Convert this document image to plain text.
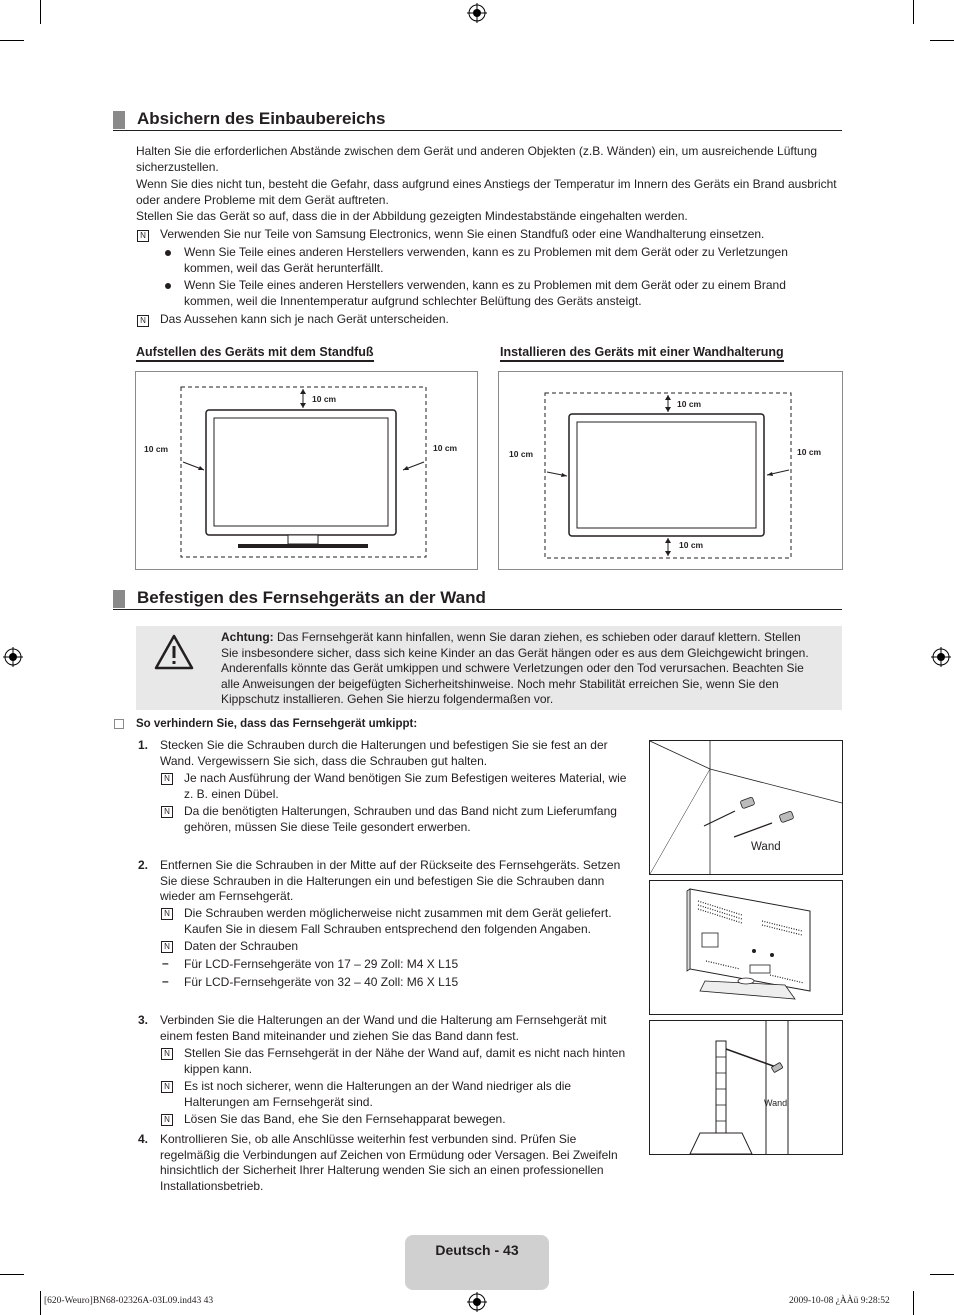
Absichern des Einbaubereichs
Halten Sie die erforderlichen Abstände zwischen dem Gerät und anderen Objekten (z.B. Wänden) ein, um ausreichende Lüftung sicherzustellen.
Wenn Sie dies nicht tun, besteht die Gefahr, dass aufgrund eines Anstiegs der Temperatur im Innern des Geräts ein Brand ausbricht oder andere Probleme mit dem Gerät auftreten.
Stellen Sie das Gerät so auf, dass die in der Abbildung gezeigten Mindestabstände eingehalten werden.
N Verwenden Sie nur Teile von Samsung Electronics, wenn Sie einen Standfuß oder eine Wandhalterung einsetzen.
Wenn Sie Teile eines anderen Herstellers verwenden, kann es zu Problemen mit dem Gerät oder zu Verletzungen kommen, weil das Gerät herunterfällt.
Wenn Sie Teile eines anderen Herstellers verwenden, kann es zu Problemen mit dem Gerät oder zu einem Brand kommen, weil die Innentemperatur aufgrund schlechter Belüftung des Geräts ansteigt.
N Das Aussehen kann sich je nach Gerät unterscheiden.
Aufstellen des Geräts mit dem Standfuß	Installieren des Geräts mit einer Wandhalterung
10 cm
10 cm	10 cm
10 cm
10 cm	10 cm
10 cm
Befestigen des Fernsehgeräts an der Wand
Achtung: Das Fernsehgerät kann hinfallen, wenn Sie daran ziehen, es schieben oder darauf klettern. Stellen Sie insbesondere sicher, dass sich keine Kinder an das Gerät hängen oder es aus dem Gleichgewicht bringen. Anderenfalls könnte das Gerät umkippen und schwere Verletzungen oder den Tod verursachen. Beachten Sie alle Anweisungen der beigefügten Sicherheitshinweise. Noch mehr Stabilität erreichen Sie, wenn Sie den Kippschutz installieren. Gehen Sie hierzu folgendermaßen vor.
So verhindern Sie, dass das Fernsehgerät umkippt:
1. Stecken Sie die Schrauben durch die Halterungen und befestigen Sie sie fest an der Wand. Vergewissern Sie sich, dass die Schrauben gut halten.
N Je nach Ausführung der Wand benötigen Sie zum Befestigen weiteres Material, wie z. B. einen Dübel.
N Da die benötigten Halterungen, Schrauben und das Band nicht zum Lieferumfang gehören, müssen Sie diese Teile gesondert erwerben.
2. Entfernen Sie die Schrauben in der Mitte auf der Rückseite des Fernsehgeräts. Setzen Sie diese Schrauben in die Halterungen ein und befestigen Sie die Schrauben dann wieder am Fernsehgerät.
N Die Schrauben werden möglicherweise nicht zusammen mit dem Gerät geliefert. Kaufen Sie in diesem Fall Schrauben entsprechend den folgenden Angaben.
N Daten der Schrauben
– Für LCD-Fernsehgeräte von 17 – 29 Zoll: M4 X L15
– Für LCD-Fernsehgeräte von 32 – 40 Zoll: M6 X L15
3. Verbinden Sie die Halterungen an der Wand und die Halterung am Fernsehgerät mit einem festen Band miteinander und ziehen Sie das Band dann fest.
N Stellen Sie das Fernsehgerät in der Nähe der Wand auf, damit es nicht nach hinten kippen kann.
N Es ist noch sicherer, wenn die Halterungen an der Wand niedriger als die Halterungen am Fernsehgerät sind.
N Lösen Sie das Band, ehe Sie den Fernsehapparat bewegen.
4. Kontrollieren Sie, ob alle Anschlüsse weiterhin fest verbunden sind. Prüfen Sie regelmäßig die Verbindungen auf Zeichen von Ermüdung oder Versagen. Bei Zweifeln hinsichtlich der Sicherheit Ihrer Halterung wenden Sie sich an einen professionellen Installationsbetrieb.
Wand
Wand
Deutsch - 43
[620-Weuro]BN68-02326A-03L09.ind43 43	2009-10-08 ¿ÀÀü 9:28:52
